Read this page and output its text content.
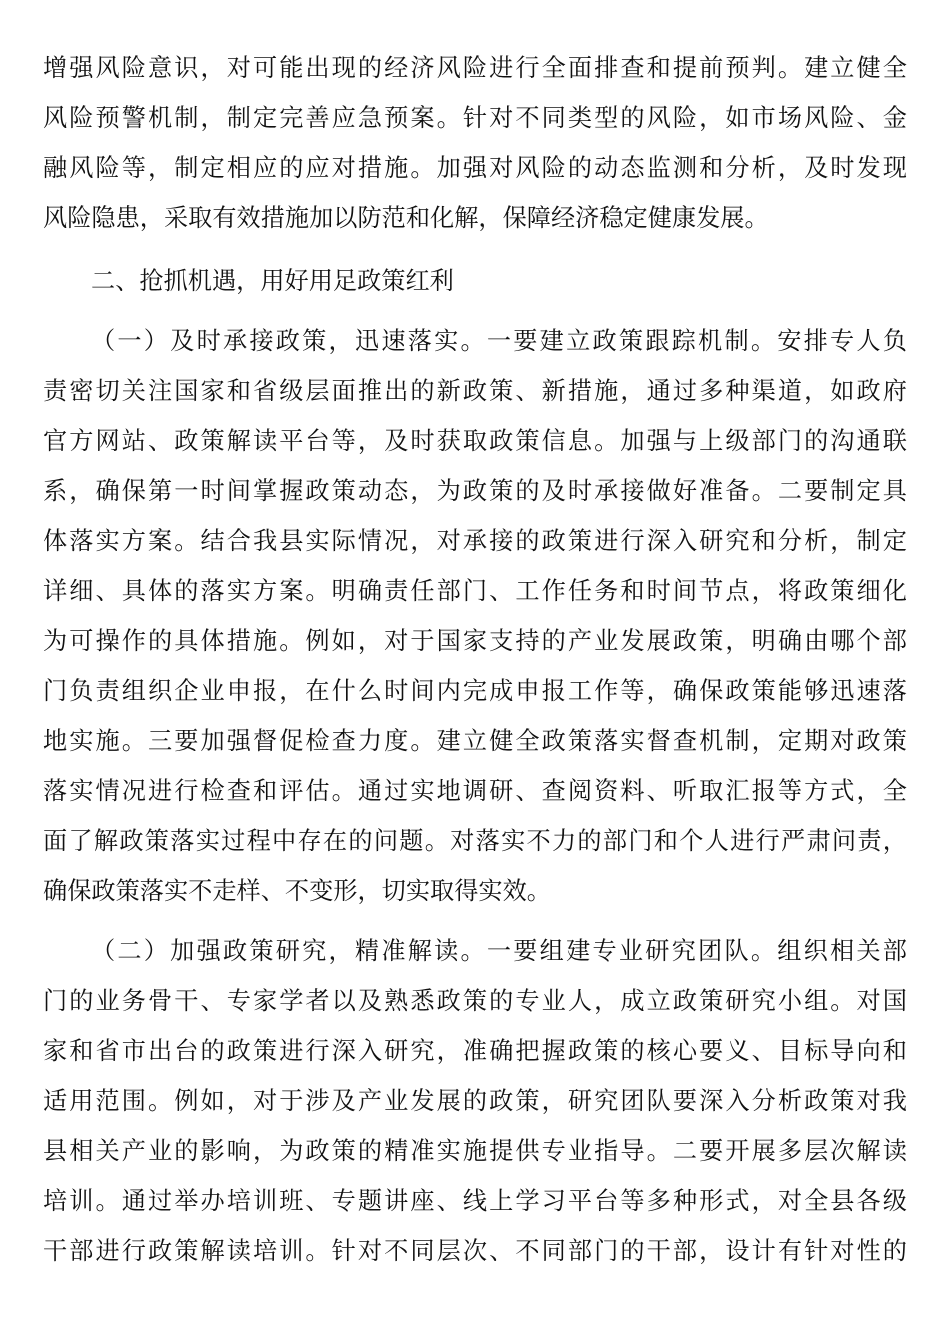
增强风险意识，对可能出现的经济风险进行全面排查和提前预判。建立健全

风险预警机制，制定完善应急预案。针对不同类型的风险，如市场风险、金

融风险等，制定相应的应对措施。加强对风险的动态监测和分析，及时发现

风险隐患，采取有效措施加以防范和化解，保障经济稳定健康发展。

二、抢抓机遇，用好用足政策红利

（一）及时承接政策，迅速落实。一要建立政策跟踪机制。安排专人负

责密切关注国家和省级层面推出的新政策、新措施，通过多种渠道，如政府

官方网站、政策解读平台等，及时获取政策信息。加强与上级部门的沟通联

系，确保第一时间掌握政策动态，为政策的及时承接做好准备。二要制定具

体落实方案。结合我县实际情况，对承接的政策进行深入研究和分析，制定

详细、具体的落实方案。明确责任部门、工作任务和时间节点，将政策细化

为可操作的具体措施。例如，对于国家支持的产业发展政策，明确由哪个部

门负责组织企业申报，在什么时间内完成申报工作等，确保政策能够迅速落

地实施。三要加强督促检查力度。建立健全政策落实督查机制，定期对政策

落实情况进行检查和评估。通过实地调研、查阅资料、听取汇报等方式，全

面了解政策落实过程中存在的问题。对落实不力的部门和个人进行严肃问责，

确保政策落实不走样、不变形，切实取得实效。

（二）加强政策研究，精准解读。一要组建专业研究团队。组织相关部

门的业务骨干、专家学者以及熟悉政策的专业人，成立政策研究小组。对国

家和省市出台的政策进行深入研究，准确把握政策的核心要义、目标导向和

适用范围。例如，对于涉及产业发展的政策，研究团队要深入分析政策对我

县相关产业的影响，为政策的精准实施提供专业指导。二要开展多层次解读

培训。通过举办培训班、专题讲座、线上学习平台等多种形式，对全县各级

干部进行政策解读培训。针对不同层次、不同部门的干部，设计有针对性的
